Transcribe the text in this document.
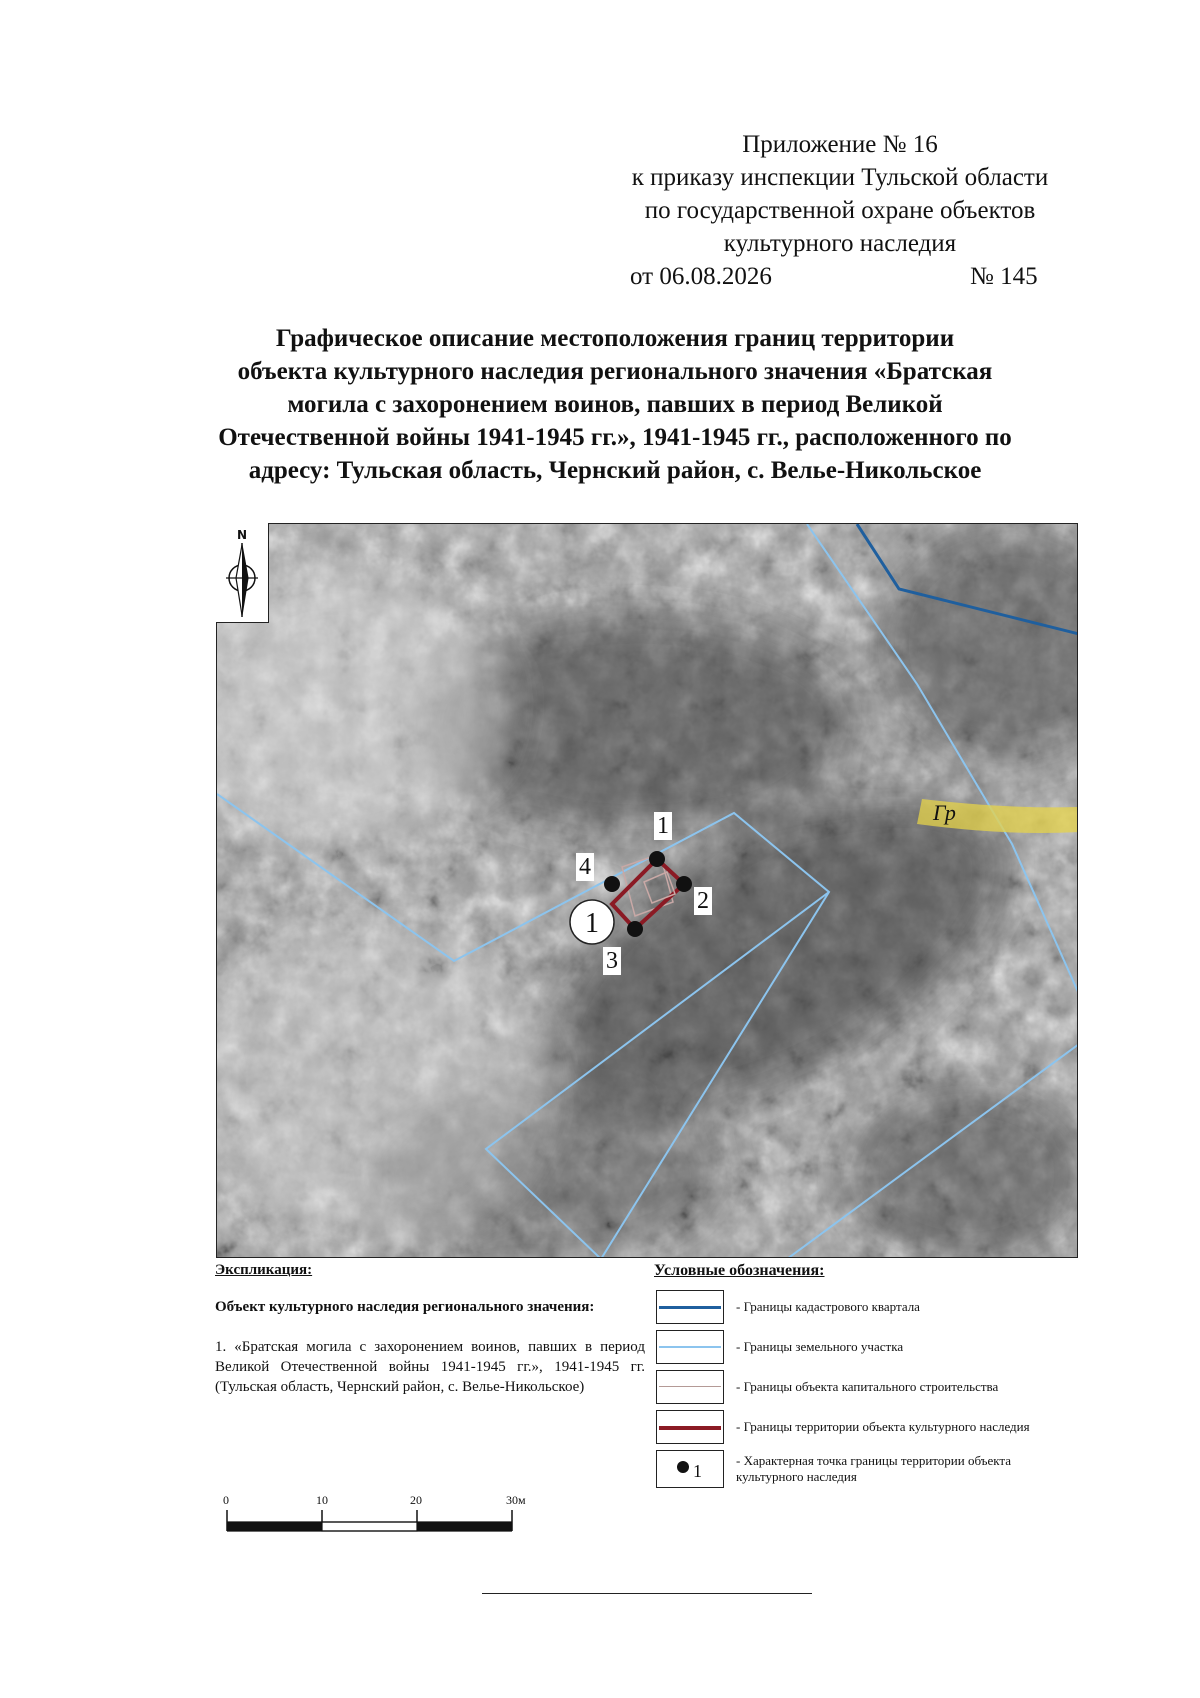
Приложение № 16
к приказу инспекции Тульской области
по государственной охране объектов
культурного наследия
от 06.08.2026	№ 145
Графическое описание местоположения границ территории
объекта культурного наследия регионального значения «Братская
могила с захоронением воинов, павших в период Великой
Отечественной войны 1941-1945 гг.», 1941-1945 гг., расположенного по
адресу: Тульская область, Чернский район, с. Велье-Никольское
1
Гр
1
2
3
4
N
Экспликация:
Объект культурного наследия регионального значения:
1. «Братская могила с захоронением воинов, павших в период Великой Отечественной войны 1941-1945 гг.», 1941-1945 гг. (Тульская область, Чернский район, с. Велье-Никольское)
Условные обозначения:
- Границы кадастрового квартала
- Границы земельного участка
- Границы объекта капитального строительства
- Границы территории объекта культурного наследия
1
- Характерная точка границы территории объекта культурного наследия
0	10	20	30м
